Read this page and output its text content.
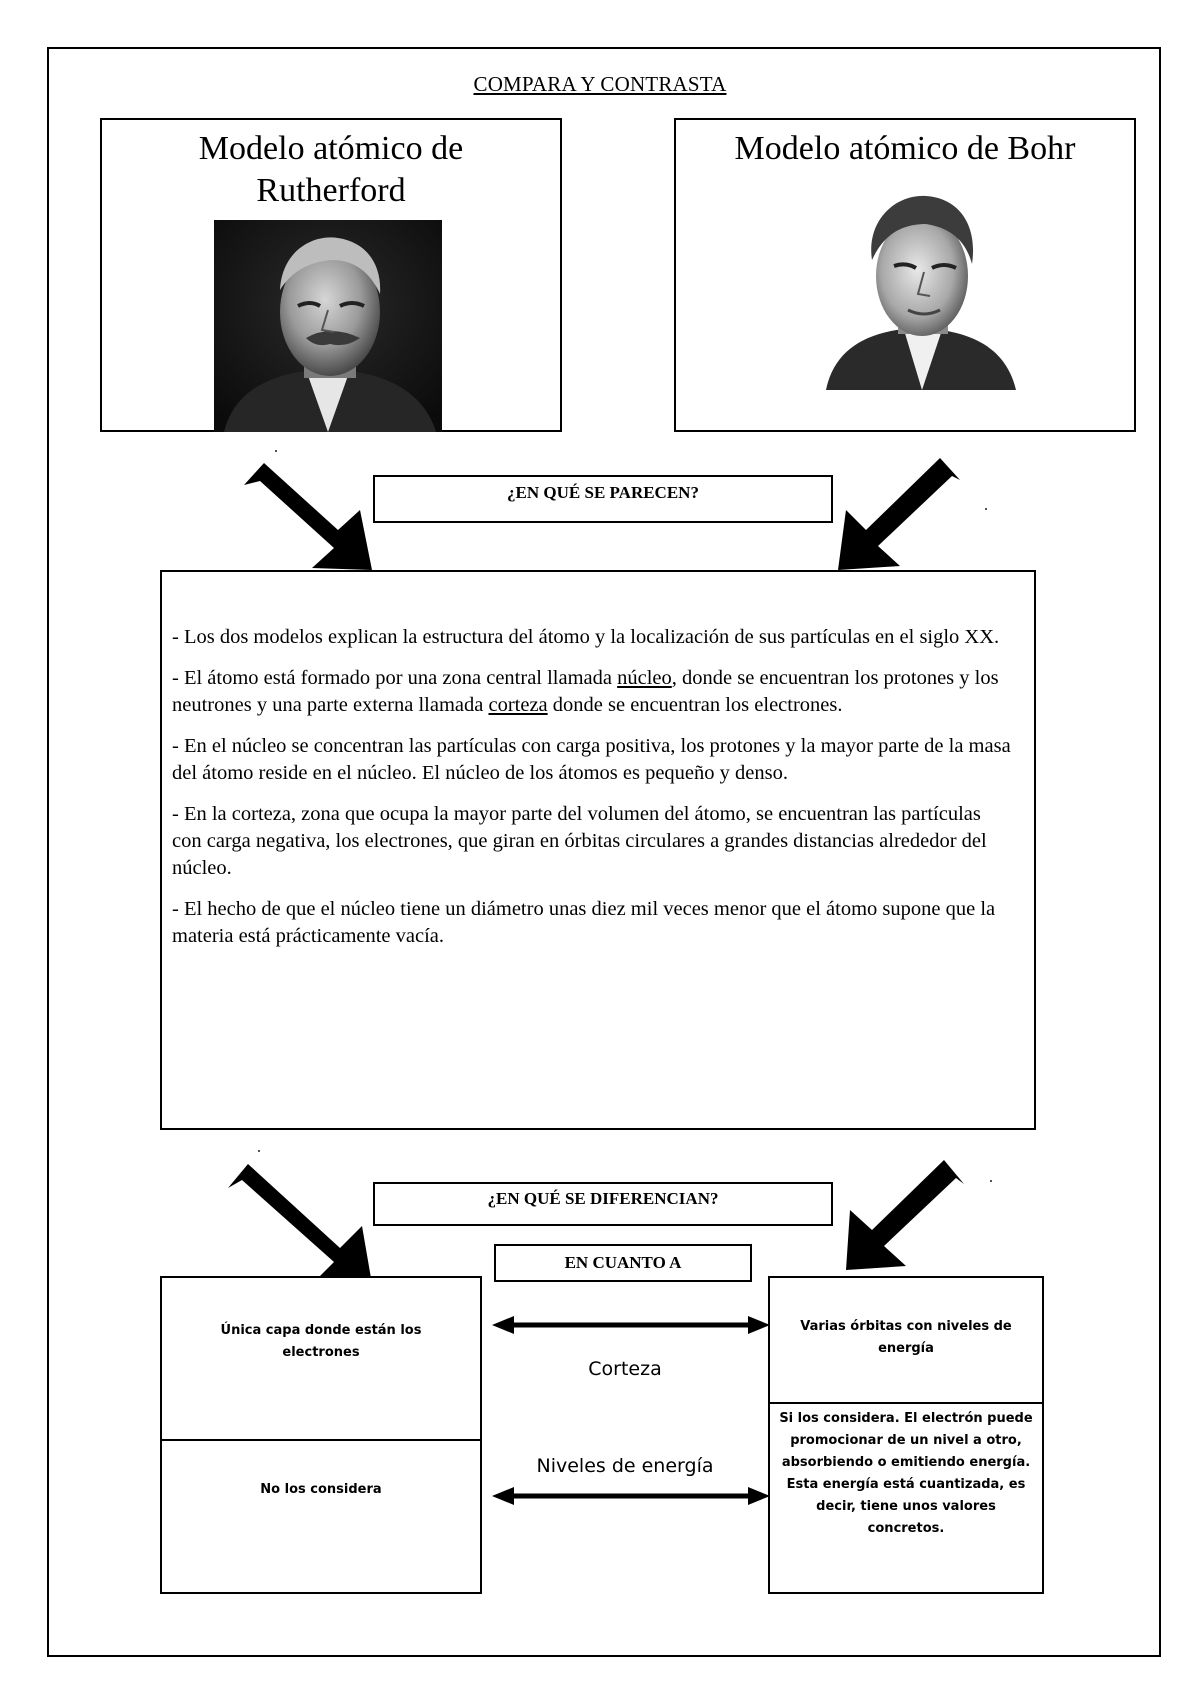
COMPARA Y CONTRASTA
Modelo atómico de Rutherford
Modelo atómico de Bohr
¿EN QUÉ SE PARECEN?

- Los dos modelos explican la estructura del átomo y la localización de sus partículas en el siglo XX.

- El átomo está formado por una zona central llamada núcleo, donde se encuentran los protones y los neutrones y una parte externa llamada corteza donde se encuentran los electrones.

- En el núcleo se concentran las partículas con carga positiva, los protones y la mayor parte de la masa del átomo reside en el núcleo. El núcleo de los átomos es pequeño y denso.

- En la corteza, zona que ocupa la mayor parte del volumen del átomo, se encuentran las partículas con carga negativa, los electrones, que giran en órbitas circulares a grandes distancias alrededor del núcleo.

- El hecho de que el núcleo tiene un diámetro unas diez mil veces menor que el átomo supone que la materia está prácticamente vacía.

¿EN QUÉ SE DIFERENCIAN?
EN CUANTO A
Única capa donde están los electrones
No los considera
Corteza
Niveles de energía
Varias órbitas con niveles de energía
Si los considera. El electrón puede promocionar de un nivel a otro, absorbiendo o emitiendo energía. Esta energía está cuantizada, es decir, tiene unos valores concretos.
